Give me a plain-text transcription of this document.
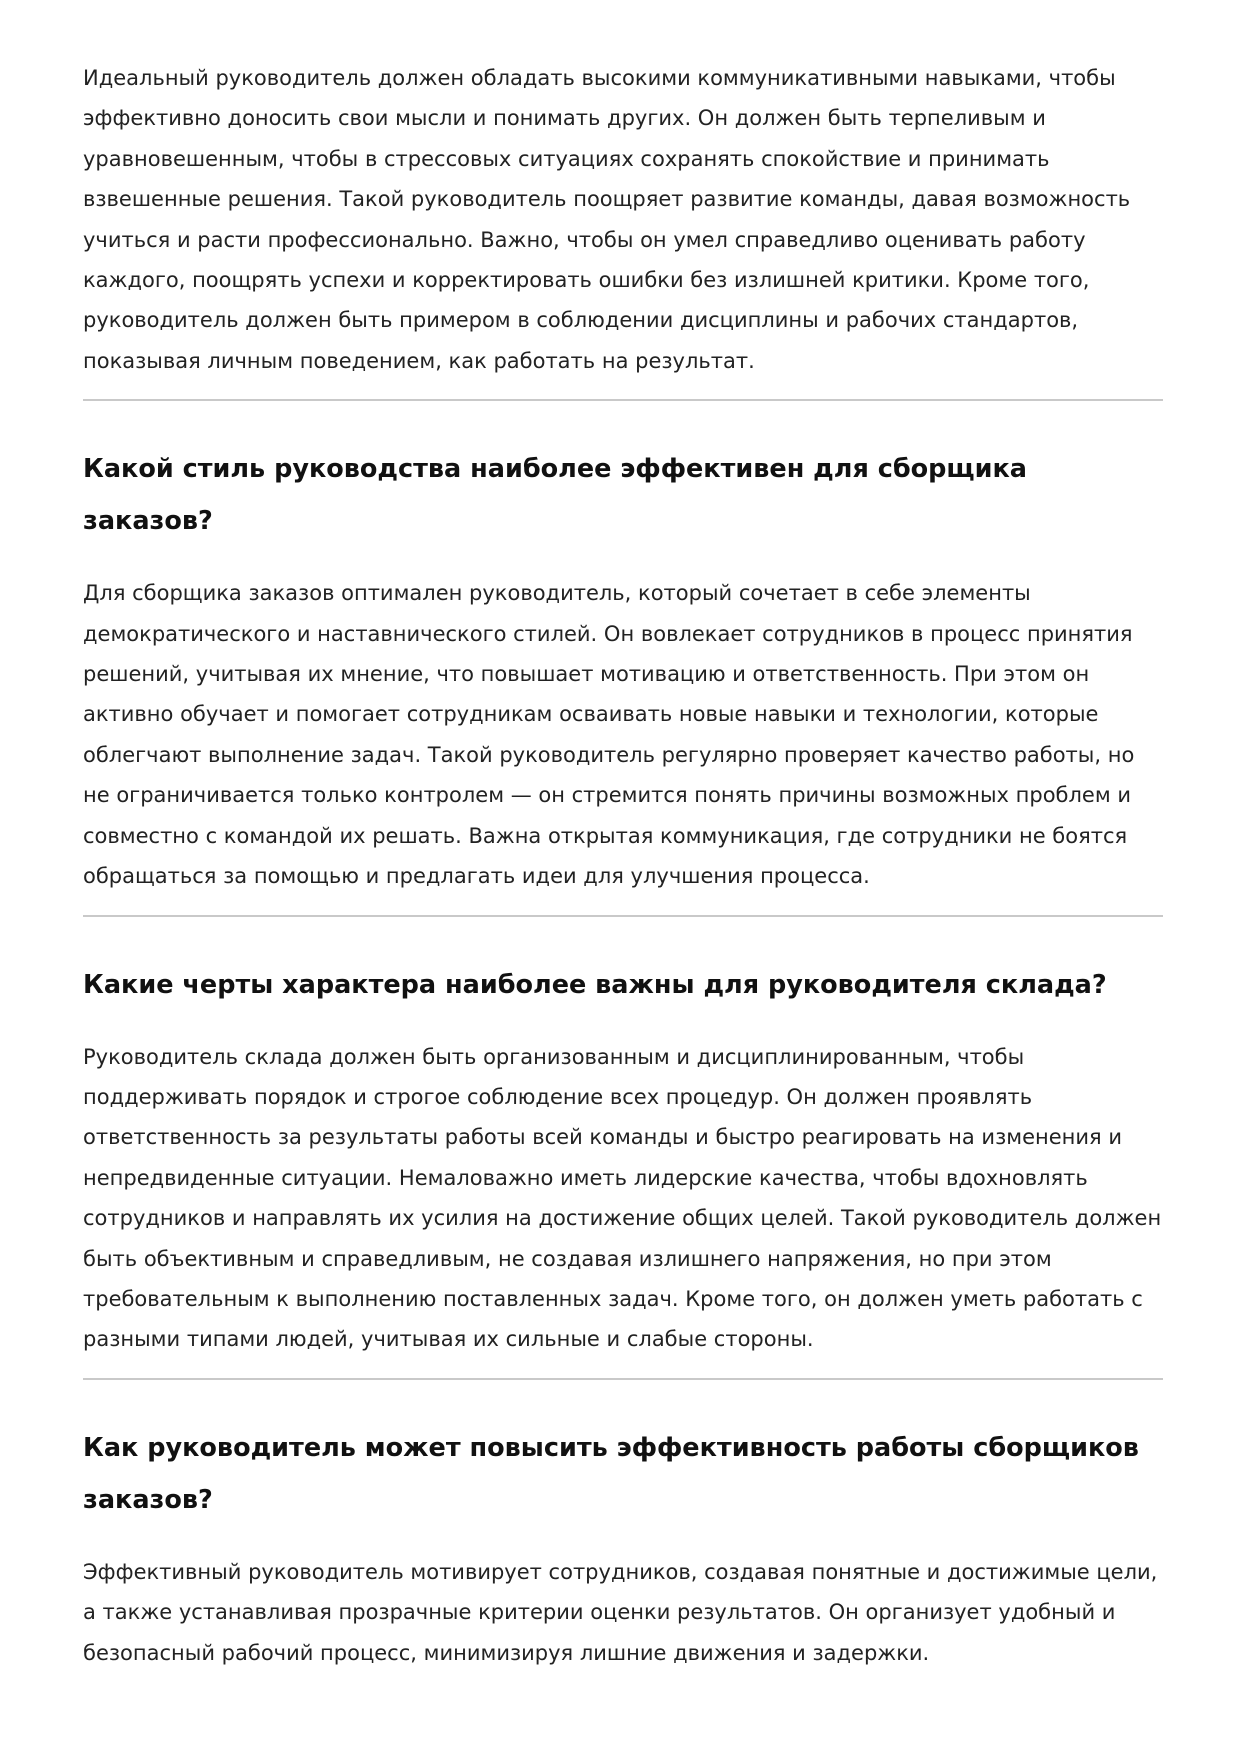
Идеальный руководитель должен обладать высокими коммуникативными навыками, чтобы эффективно доносить свои мысли и понимать других. Он должен быть терпеливым и уравновешенным, чтобы в стрессовых ситуациях сохранять спокойствие и принимать взвешенные решения. Такой руководитель поощряет развитие команды, давая возможность учиться и расти профессионально. Важно, чтобы он умел справедливо оценивать работу каждого, поощрять успехи и корректировать ошибки без излишней критики. Кроме того, руководитель должен быть примером в соблюдении дисциплины и рабочих стандартов, показывая личным поведением, как работать на результат.

Какой стиль руководства наиболее эффективен для сборщика заказов?

Для сборщика заказов оптимален руководитель, который сочетает в себе элементы демократического и наставнического стилей. Он вовлекает сотрудников в процесс принятия решений, учитывая их мнение, что повышает мотивацию и ответственность. При этом он активно обучает и помогает сотрудникам осваивать новые навыки и технологии, которые облегчают выполнение задач. Такой руководитель регулярно проверяет качество работы, но не ограничивается только контролем — он стремится понять причины возможных проблем и совместно с командой их решать. Важна открытая коммуникация, где сотрудники не боятся обращаться за помощью и предлагать идеи для улучшения процесса.

Какие черты характера наиболее важны для руководителя склада?

Руководитель склада должен быть организованным и дисциплинированным, чтобы поддерживать порядок и строгое соблюдение всех процедур. Он должен проявлять ответственность за результаты работы всей команды и быстро реагировать на изменения и непредвиденные ситуации. Немаловажно иметь лидерские качества, чтобы вдохновлять сотрудников и направлять их усилия на достижение общих целей. Такой руководитель должен быть объективным и справедливым, не создавая излишнего напряжения, но при этом требовательным к выполнению поставленных задач. Кроме того, он должен уметь работать с разными типами людей, учитывая их сильные и слабые стороны.

Как руководитель может повысить эффективность работы сборщиков заказов?

Эффективный руководитель мотивирует сотрудников, создавая понятные и достижимые цели, а также устанавливая прозрачные критерии оценки результатов. Он организует удобный и безопасный рабочий процесс, минимизируя лишние движения и задержки.
